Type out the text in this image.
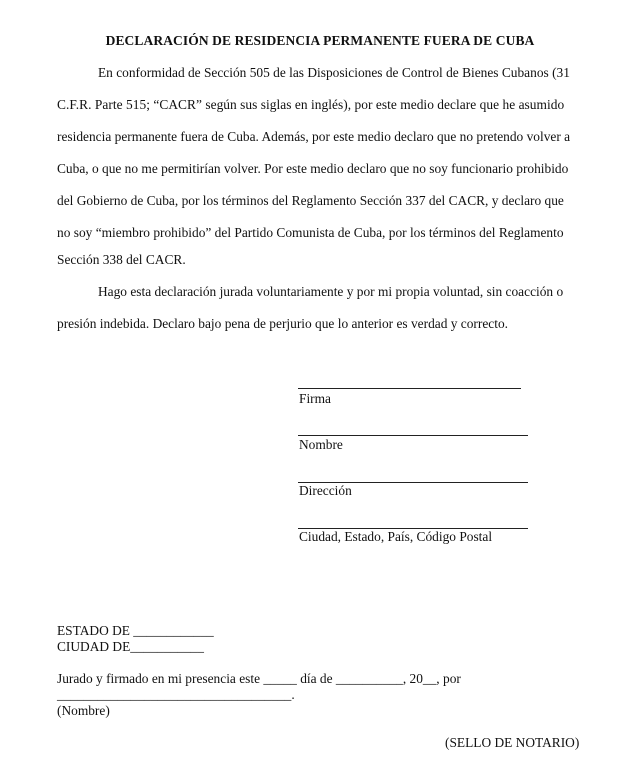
DECLARACIÓN DE RESIDENCIA PERMANENTE FUERA DE CUBA
En conformidad de Sección 505 de las Disposiciones de Control de Bienes Cubanos (31
C.F.R. Parte 515; “CACR” según sus siglas en inglés), por este medio declare que he asumido
residencia permanente fuera de Cuba. Además, por este medio declaro que no pretendo volver a
Cuba, o que no me permitirían volver. Por este medio declaro que no soy funcionario prohibido
del Gobierno de Cuba, por los términos del Reglamento Sección 337 del CACR, y declaro que
no soy “miembro prohibido” del Partido Comunista de Cuba, por los términos del Reglamento
Sección 338 del CACR.
Hago esta declaración jurada voluntariamente y por mi propia voluntad, sin coacción o
presión indebida. Declaro bajo pena de perjurio que lo anterior es verdad y correcto.
Firma
Nombre
Dirección
Ciudad, Estado, País, Código Postal
ESTADO DE ____________
CIUDAD DE___________
Jurado y firmado en mi presencia este _____ día de __________, 20__, por
___________________________________.
(Nombre)
(SELLO DE NOTARIO)
